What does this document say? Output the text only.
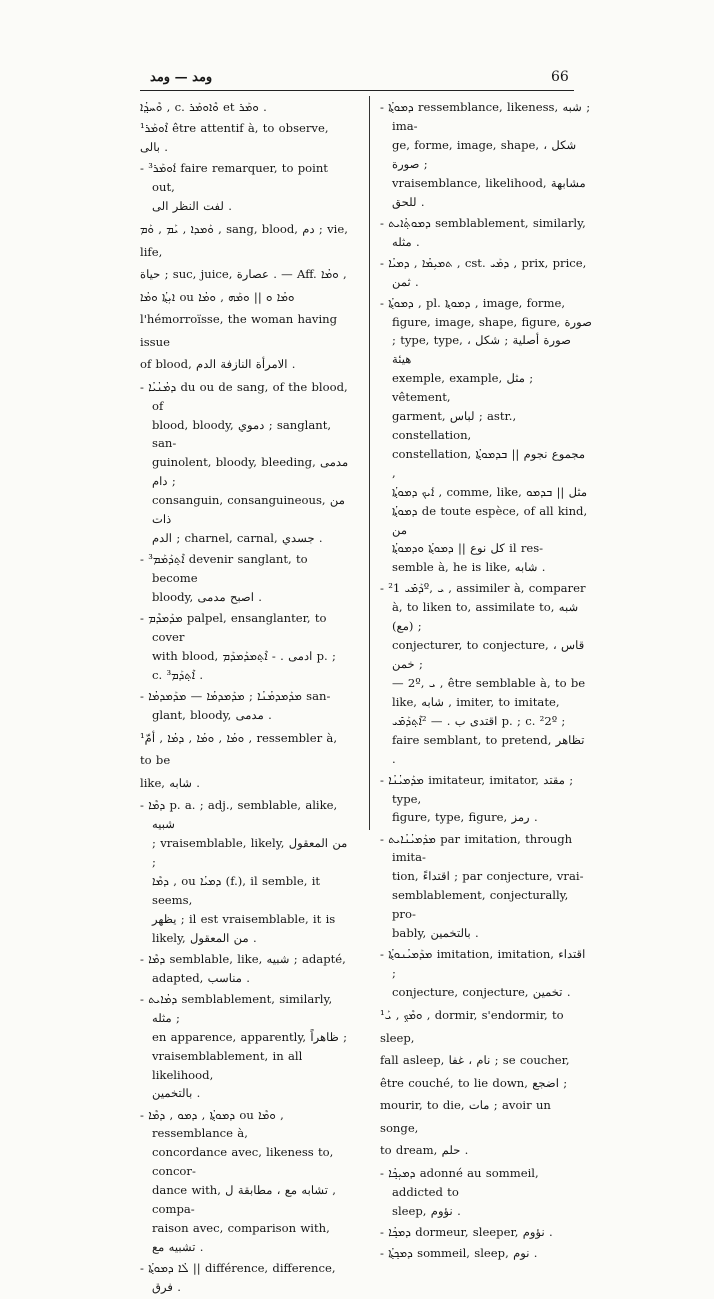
ومد — ومد	66
ܘܶܚܕ݂ܳܐ , c. ܘܶܐܘܡܰܪ et ܘܡܰܪ .
¹ܐܶܘܡܰܪ être attentif à, to observe, بالى .
- ³ܐܰܘܡܰܪ faire remarquer, to point out,
لفت النظر الى .
ܘܰܡܕܐ , ܝܰܡ , ܘܰܡ , sang, blood, دم ; vie, life,
حياة ; suc, juice, عصارة . — Aff. ܘܡܳܐ ,
ܐܝܼܬ݂ܳܐ ܘܡܳܐ ou ܘܡܳܐ ܘ || ܘܡܰܗ , ܘܡܳܐ
l'hémorroïsse, the woman having issue
of blood, الامرأة النازفة الدم .
- ܕܡܳܢܳܝܳܐ du ou de sang, of the blood, of
blood, bloody, دموي ; sanglant, san-
guinolent, bloody, bleeding, مدمى دام ;
consanguin, consanguineous, من ذات
الدم ; charnel, carnal, جسدي .
- ³ܐܶܬ݂ܕܰܡܰܡ devenir sanglant, to become
bloody, اصبح مدمى .
- ܡܕܰܡܕܶܡ palpel, ensanglanter, to cover
with blood, ادمى . - ܐܶܬ݂ܡܕܰܡܕܰܡ p. ;
c. ³ܐܶܬ݂ܕܰܡ .
- ܡܕܰܡܕܡܳܢܳܐ ; ܡܕܰܡܕܡܳܐ — ܡܕܰܡܕܡܳܐ san-
glant, bloody, مدمى .
¹ܘܡܳܐ , ܘܡܳܐ , ܕܡܳܐ , أمّ , ressembler à, to be
like, شابه .
- ܕܡܶܐ p. a. ; adj., semblable, alike, شبيه
; vraisemblable, likely, من المعقول ;
ܕܡܶܐ , ou ܕܡܝܳܐ (f.), il semble, it seems,
يظهر ; il est vraisemblable, it is
likely, من المعقول .
- ܕܡܶܐ semblable, like, شبيه ; adapté,
adapted, مناسب .
- ܕܡܳܐܝܬ semblablement, similarly, مثله ;
en apparence, apparently, ظاهراً ;
vraisemblablement, in all likelihood,
بالتخمين .
- ܕܡܘܬ݂ܳܐ , ܕܡܘ , ܕܡܶܐ ou ܘܡܶܐ , ressemblance à,
concordance avec, likeness to, concor-
dance with, تشابه مع ، مطابقة ل , compa-
raison avec, comparison with, تشبيه مع .
- ܠܳܐ ܕܡܘܬ݂ܳܐ || différence, difference, فرق .
- ܕܡܘܬ݂ܳܐ ressemblance, likeness, شبه ; ima-
ge, forme, image, shape, شكل ، صورة ;
vraisemblance, likelihood, مشابهة للحق .
- ܕܡܘܬ݂ܳܐܝܬ semblablement, similarly, مثله .
- ܬܡܝܼܡܳܐ , ܕܡܝܳܐ , cst. ܕܡܰܝ , prix, price, ثمن .
- ܕܡܘܬ݂ܳܐ , pl. ܕܡܘܬ݂ܐ , image, forme,
figure, image, shape, figure, صورة
; type, type, صورة أصلية ; شكل ، هيئة
exemple, example, مثل ; vêtement,
garment, لباس ; astr., constellation,
constellation, مجموع نجوم || ܒܕܡܘܬ݂ܳܐ ,
ܐܰܝܟ ܕܡܘܬ݂ܳܐ , comme, like, مثل || ܒܕܡܘ
ܕܡܘܬ݂ܳܐ de toute espèce, of all kind, من
كل نوع || ܕܡܘܬ݂ܳܐ ܘܕܡܘܬ݂ܳܐ il res-
semble à, he is like, شابه .
- ²ܕܰܡܺܝ 1º, ܝ , assimiler à, comparer
à, to liken to, assimilate to, شبه (مع) ;
conjecturer, to conjecture, قاس ، خمن ;
— 2º, ܝ , être semblable à, to be
like, شابه , imiter, to imitate,
اقتدى ب . — ²ܐܶܬ݂ܕܰܡܺܝ p. ; c. ²2º ;
faire semblant, to pretend, تظاهر .
- ܡܕܰܡܝܳܢܳܐ imitateur, imitator, مقتد ; type,
figure, type, figure, رمز .
- ܡܕܰܡܝܳܢܳܐܝܬ par imitation, through imita-
tion, اقتداءً ; par conjecture, vrai-
semblablement, conjecturally, pro-
bably, بالتخمين .
- ܡܕܰܡܝܳܢܘܬ݂ܳܐ imitation, imitation, اقتداء ;
conjecture, conjecture, تخمين .
¹ܘܡܶܟ݂ , ܝܰ , dormir, s'endormir, to sleep,
fall asleep, نام ، غفا ; se coucher,
être couché, to lie down, اضجع ;
mourir, to die, مات ; avoir un songe,
to dream, حلم .
- ܕܡܝܼܟ݂ܳܐ adonné au sommeil, addicted to
sleep, نؤوم .
- ܕܡܟ݂ܳܐ dormeur, sleeper, نؤوم .
- ܕܡܟ݂ܬ݂ܳܐ sommeil, sleep, نوم .
